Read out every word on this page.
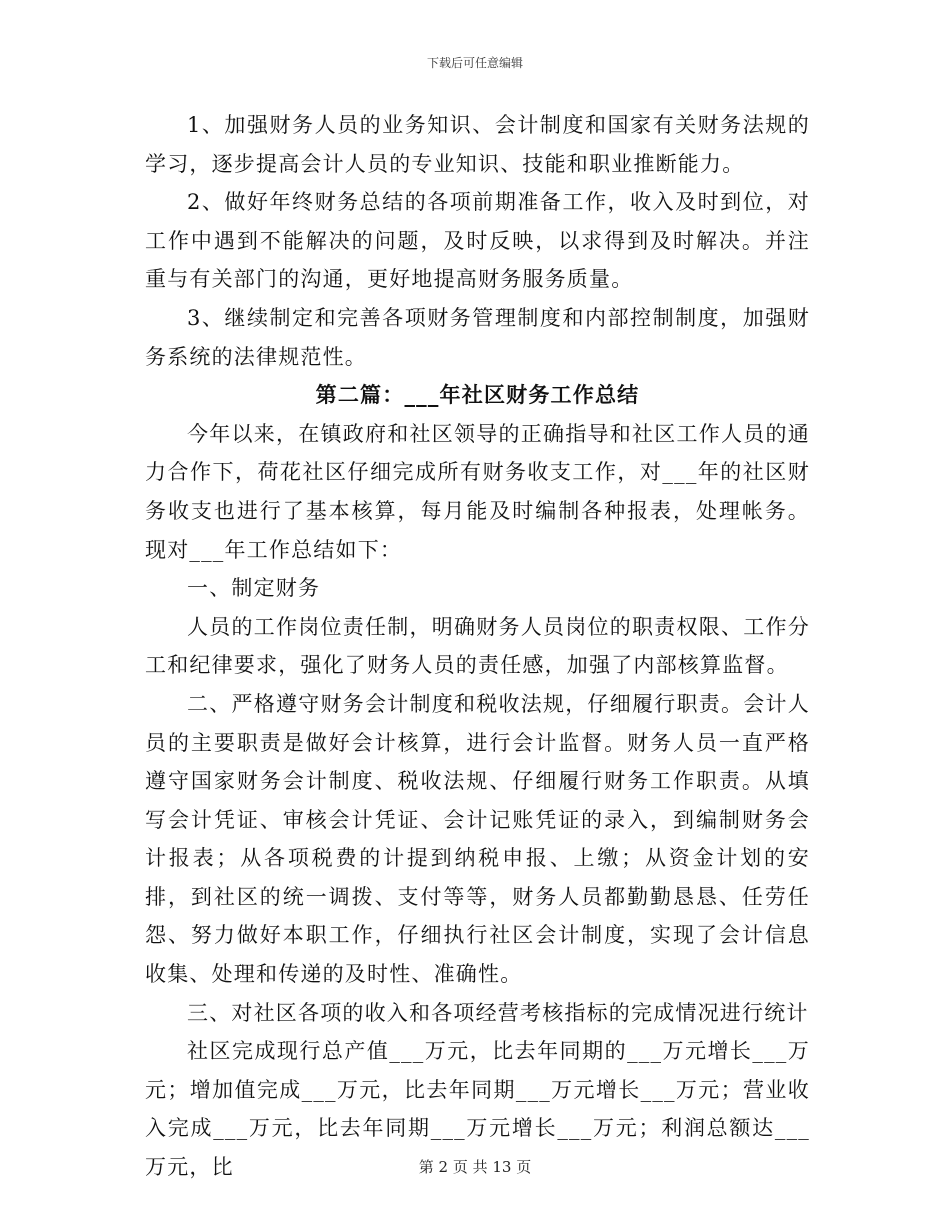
下载后可任意编辑

1、加强财务人员的业务知识、会计制度和国家有关财务法规的学习，逐步提高会计人员的专业知识、技能和职业推断能力。

2、做好年终财务总结的各项前期准备工作，收入及时到位，对工作中遇到不能解决的问题，及时反映，以求得到及时解决。并注重与有关部门的沟通，更好地提高财务服务质量。

3、继续制定和完善各项财务管理制度和内部控制制度，加强财务系统的法律规范性。

第二篇：___年社区财务工作总结

今年以来，在镇政府和社区领导的正确指导和社区工作人员的通力合作下，荷花社区仔细完成所有财务收支工作，对___年的社区财务收支也进行了基本核算，每月能及时编制各种报表，处理帐务。现对___年工作总结如下：

一、制定财务

人员的工作岗位责任制，明确财务人员岗位的职责权限、工作分工和纪律要求，强化了财务人员的责任感，加强了内部核算监督。

二、严格遵守财务会计制度和税收法规，仔细履行职责。会计人员的主要职责是做好会计核算，进行会计监督。财务人员一直严格遵守国家财务会计制度、税收法规、仔细履行财务工作职责。从填写会计凭证、审核会计凭证、会计记账凭证的录入，到编制财务会计报表；从各项税费的计提到纳税申报、上缴；从资金计划的安排，到社区的统一调拨、支付等等，财务人员都勤勤恳恳、任劳任怨、努力做好本职工作，仔细执行社区会计制度，实现了会计信息收集、处理和传递的及时性、准确性。

三、对社区各项的收入和各项经营考核指标的完成情况进行统计

社区完成现行总产值___万元，比去年同期的___万元增长___万元；增加值完成___万元，比去年同期___万元增长___万元；营业收入完成___万元，比去年同期___万元增长___万元；利润总额达___万元，比	第 2 页 共 13 页
